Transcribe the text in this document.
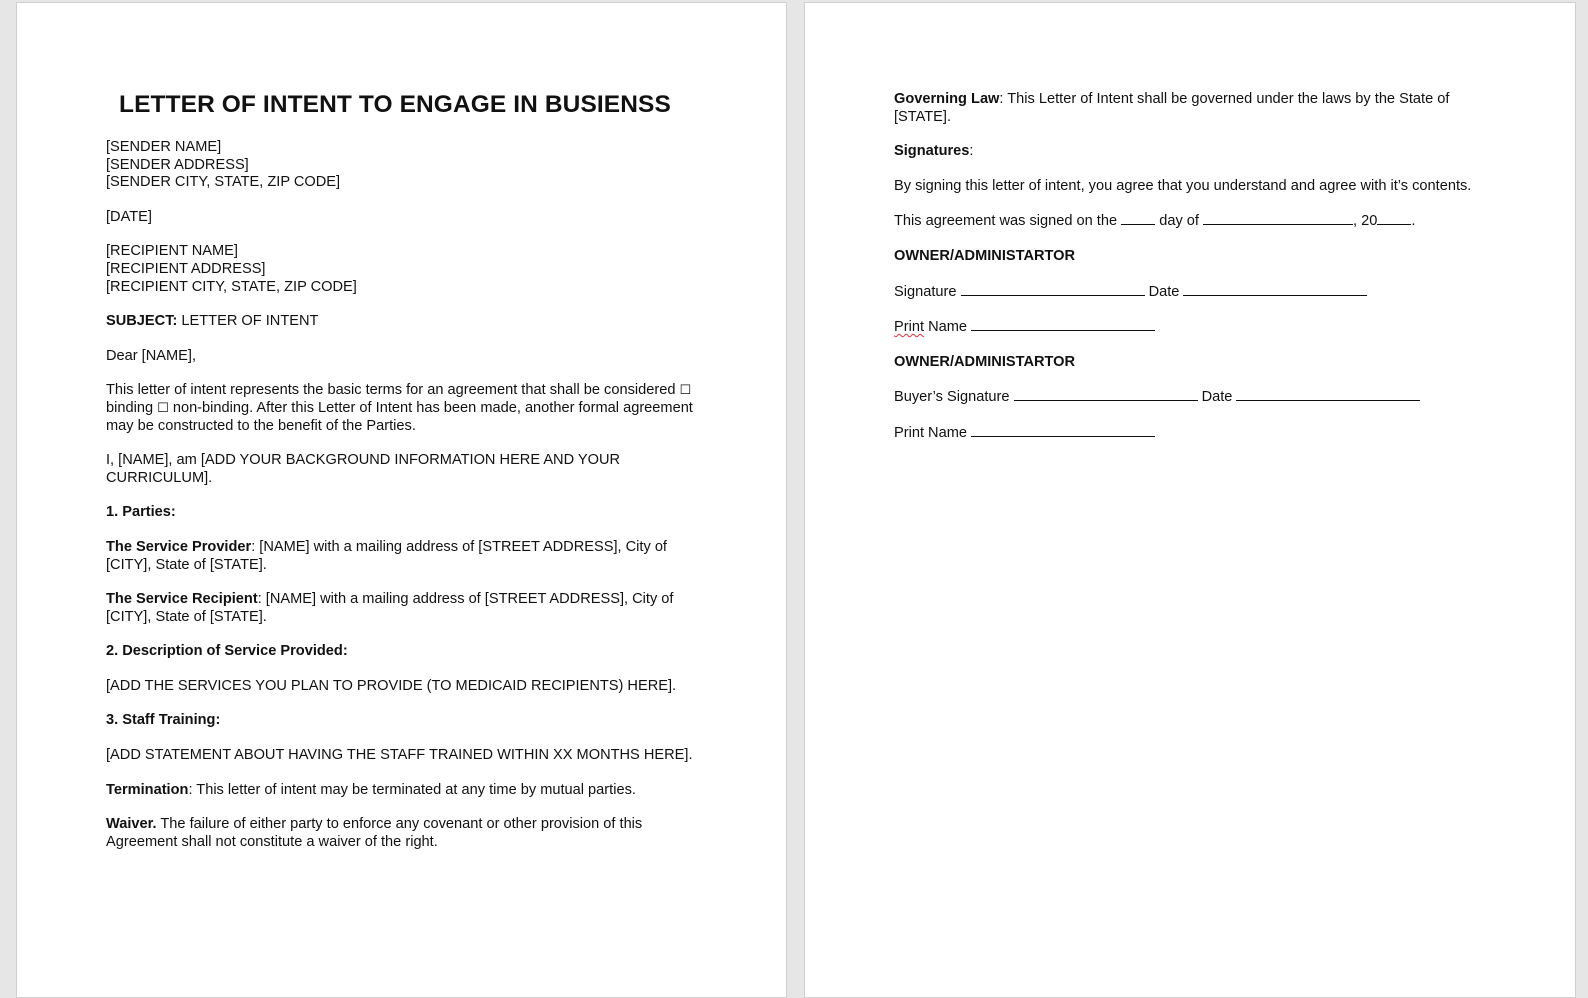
LETTER OF INTENT TO ENGAGE IN BUSIENSS

[SENDER NAME]
[SENDER ADDRESS]
[SENDER CITY, STATE, ZIP CODE]

[DATE]

[RECIPIENT NAME]
[RECIPIENT ADDRESS]
[RECIPIENT CITY, STATE, ZIP CODE]

SUBJECT: LETTER OF INTENT

Dear [NAME],

This letter of intent represents the basic terms for an agreement that shall be considered ☐ binding ☐ non-binding. After this Letter of Intent has been made, another formal agreement may be constructed to the benefit of the Parties.

I, [NAME], am [ADD YOUR BACKGROUND INFORMATION HERE AND YOUR CURRICULUM].

1. Parties:

The Service Provider: [NAME] with a mailing address of [STREET ADDRESS], City of [CITY], State of [STATE].

The Service Recipient: [NAME] with a mailing address of [STREET ADDRESS], City of [CITY], State of [STATE].

2. Description of Service Provided:

[ADD THE SERVICES YOU PLAN TO PROVIDE (TO MEDICAID RECIPIENTS) HERE].

3. Staff Training:

[ADD STATEMENT ABOUT HAVING THE STAFF TRAINED WITHIN XX MONTHS HERE].

Termination: This letter of intent may be terminated at any time by mutual parties.

Waiver. The failure of either party to enforce any covenant or other provision of this Agreement shall not constitute a waiver of the right.

Governing Law: This Letter of Intent shall be governed under the laws by the State of [STATE].

Signatures:

By signing this letter of intent, you agree that you understand and agree with it’s contents.

This agreement was signed on the  day of	, 20 .

OWNER/ADMINISTARTOR

Signature	Date

Print Name

OWNER/ADMINISTARTOR

Buyer’s Signature	Date

Print Name
